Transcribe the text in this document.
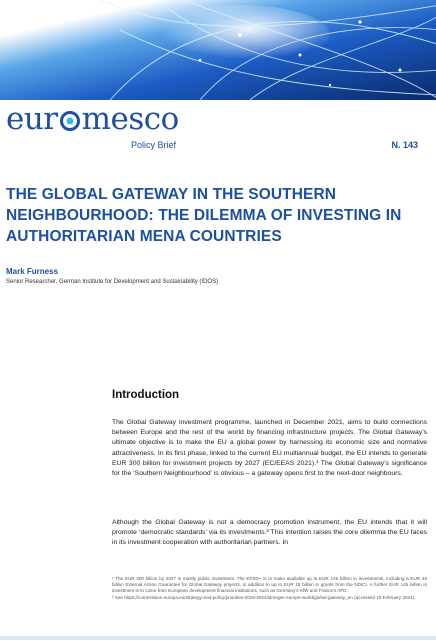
eur mesco
Policy Brief	N. 143
THE GLOBAL GATEWAY IN THE SOUTHERN NEIGHBOURHOOD: THE DILEMMA OF INVESTING IN AUTHORITARIAN MENA COUNTRIES
Mark Furness
Senior Researcher, German Institute for Development and Sustainability (IDOS)
Introduction

The Global Gateway investment programme, launched in December 2021, aims to build connections between Europe and the rest of the world by financing infrastructure projects. The Global Gateway’s ultimate objective is to make the EU a global power by harnessing its economic size and normative attractiveness. In its first phase, linked to the current EU multiannual budget, the EU intends to generate EUR 300 billion for investment projects by 2027 (EC/EEAS 2021).¹ The Global Gateway’s significance for the ‘Southern Neighbourhood’ is obvious – a gateway opens first to the next-door neighbours.

Although the Global Gateway is not a democracy promotion instrument, the EU intends that it will promote ‘democratic standards’ via its investments.² This intention raises the core dilemma the EU faces in its investment cooperation with authoritarian partners. In

¹ The EUR 300 billion by 2027 is mostly public investment. The EFSD+ is to make available up to EUR 135 billion in investments, including a EUR 40 billion External Action Guarantee for Global Gateway projects, in addition to up to EUR 18 billion in grants from the NDICI. A further EUR 145 billion in investment is to come from European development financial institutions, such as Germany’s KfW and France’s AFD.

² See https://commission.europa.eu/strategy-and-policy/priorities-2019-2024/stronger-europe-world/global-gateway_en (accessed 15 February 2024).
